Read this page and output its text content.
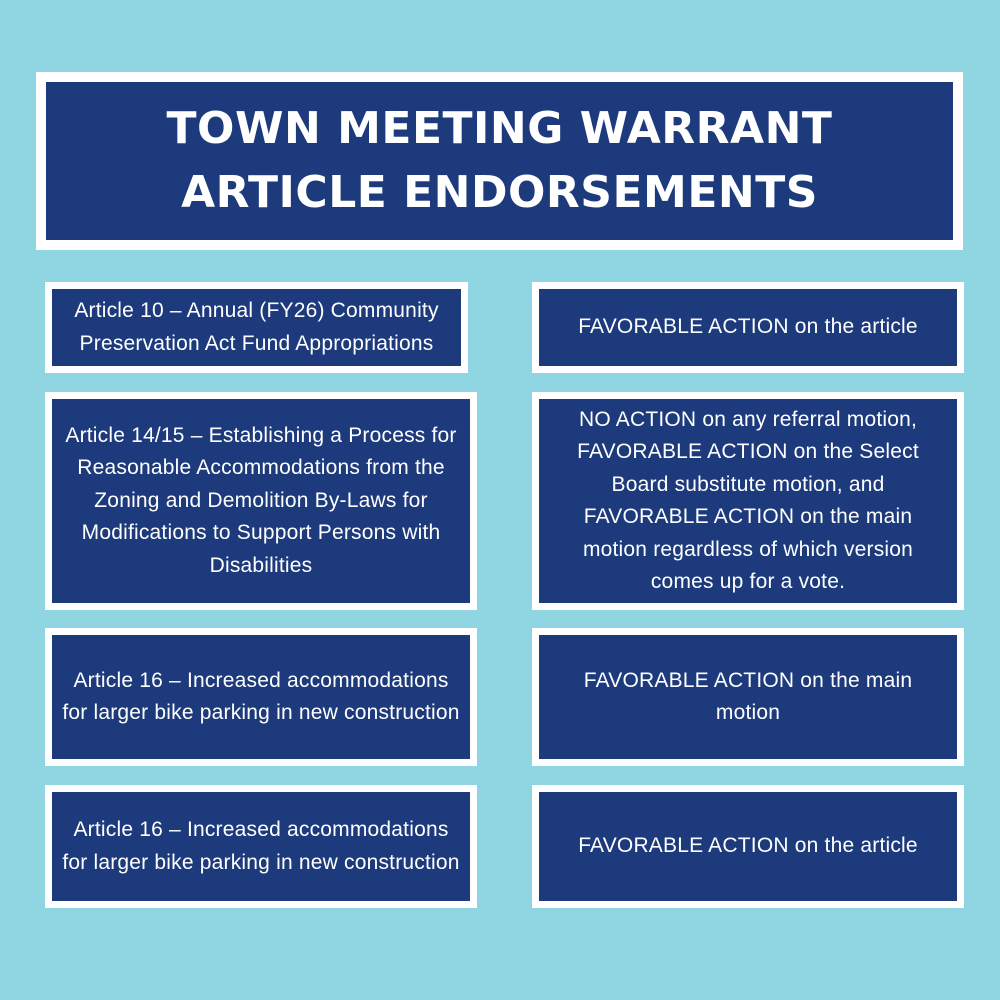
TOWN MEETING WARRANT ARTICLE ENDORSEMENTS
Article 10 – Annual (FY26) Community Preservation Act Fund Appropriations
FAVORABLE ACTION on the article
Article 14/15 – Establishing a Process for Reasonable Accommodations from the Zoning and Demolition By-Laws for Modifications to Support Persons with Disabilities
NO ACTION on any referral motion, FAVORABLE ACTION on the Select Board substitute motion, and FAVORABLE ACTION on the main motion regardless of which version comes up for a vote.
Article 16 – Increased accommodations for larger bike parking in new construction
FAVORABLE ACTION on the main motion
Article 16 – Increased accommodations for larger bike parking in new construction
FAVORABLE ACTION on the article
